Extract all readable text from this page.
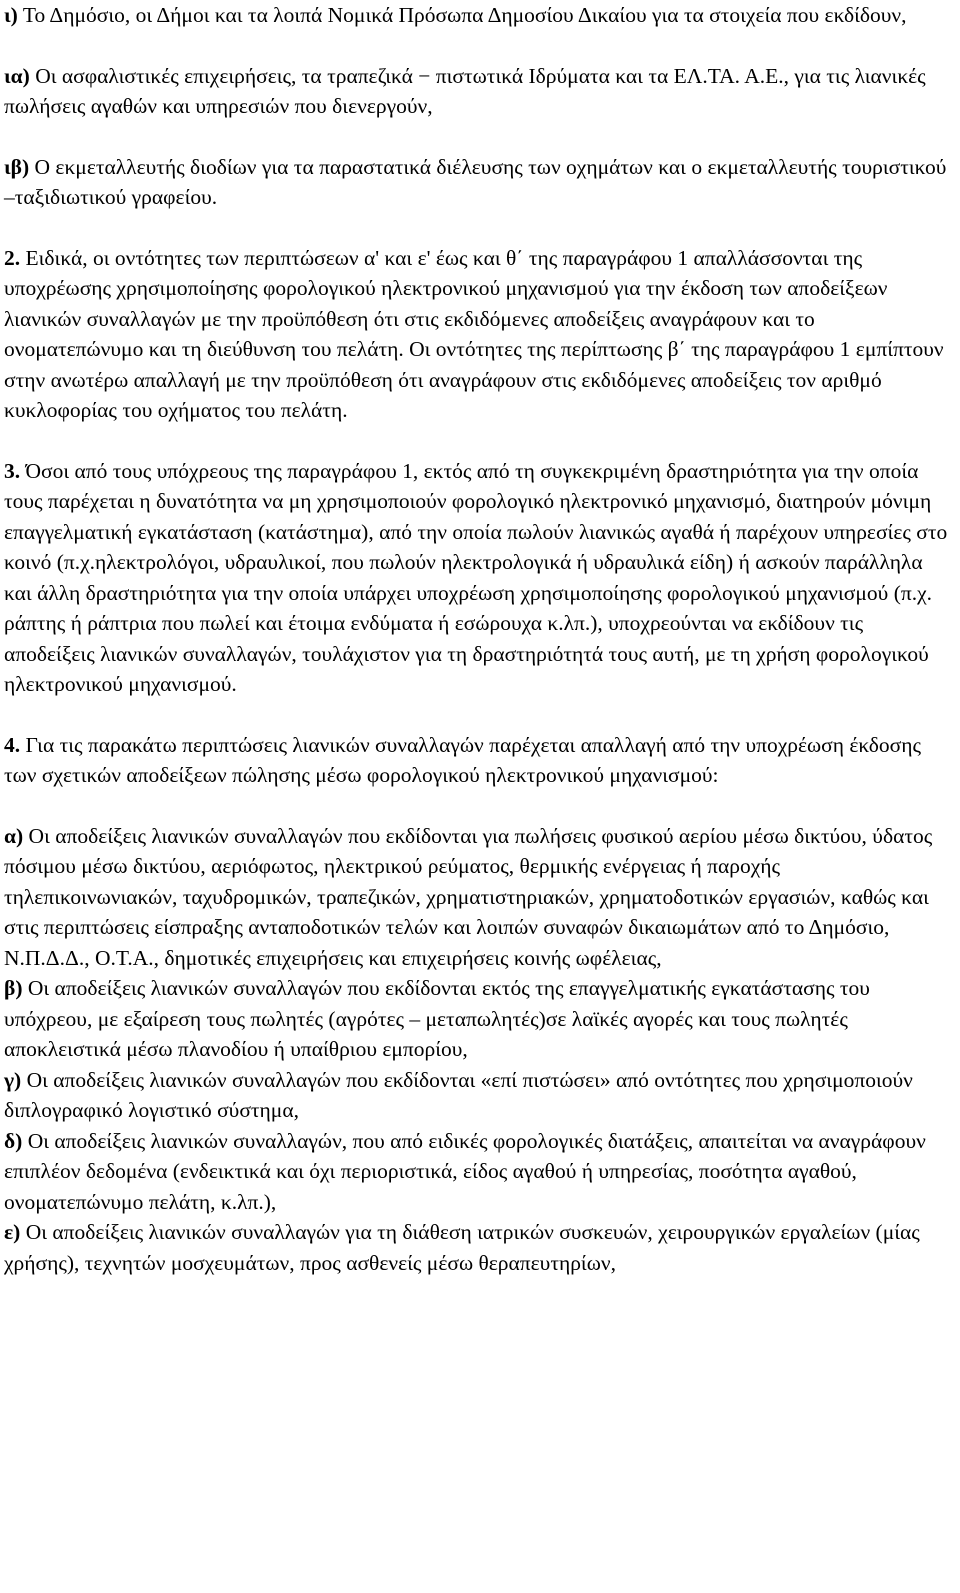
ι) Το Δημόσιο, οι Δήμοι και τα λοιπά Νομικά Πρόσωπα Δημοσίου Δικαίου για τα στοιχεία που εκδίδουν,

ια) Οι ασφαλιστικές επιχειρήσεις, τα τραπεζικά − πιστωτικά Ιδρύματα και τα ΕΛ.ΤΑ. Α.Ε., για τις λιανικές πωλήσεις αγαθών και υπηρεσιών που διενεργούν,

ιβ) Ο εκμεταλλευτής διοδίων για τα παραστατικά διέλευσης των οχημάτων και ο εκμεταλλευτής τουριστικού –ταξιδιωτικού γραφείου.

2. Ειδικά, οι οντότητες των περιπτώσεων α' και ε' έως και θ΄ της παραγράφου 1 απαλλάσσονται της υποχρέωσης χρησιμοποίησης φορολογικού ηλεκτρονικού μηχανισμού για την έκδοση των αποδείξεων λιανικών συναλλαγών με την προϋπόθεση ότι στις εκδιδόμενες αποδείξεις αναγράφουν και το ονοματεπώνυμο και τη διεύθυνση του πελάτη. Οι οντότητες της περίπτωσης β΄ της παραγράφου 1 εμπίπτουν στην ανωτέρω απαλλαγή με την προϋπόθεση ότι αναγράφουν στις εκδιδόμενες αποδείξεις τον αριθμό κυκλοφορίας του οχήματος του πελάτη.

3. Όσοι από τους υπόχρεους της παραγράφου 1, εκτός από τη συγκεκριμένη δραστηριότητα για την οποία τους παρέχεται η δυνατότητα να μη χρησιμοποιούν φορολογικό ηλεκτρονικό μηχανισμό, διατηρούν μόνιμη επαγγελματική εγκατάσταση (κατάστημα), από την οποία πωλούν λιανικώς αγαθά ή παρέχουν υπηρεσίες στο κοινό (π.χ.ηλεκτρολόγοι, υδραυλικοί, που πωλούν ηλεκτρολογικά ή υδραυλικά είδη) ή ασκούν παράλληλα και άλλη δραστηριότητα για την οποία υπάρχει υποχρέωση χρησιμοποίησης φορολογικού μηχανισμού (π.χ. ράπτης ή ράπτρια που πωλεί και έτοιμα ενδύματα ή εσώρουχα κ.λπ.), υποχρεούνται να εκδίδουν τις αποδείξεις λιανικών συναλλαγών, τουλάχιστον για τη δραστηριότητά τους αυτή, με τη χρήση φορολογικού ηλεκτρονικού μηχανισμού.

4. Για τις παρακάτω περιπτώσεις λιανικών συναλλαγών παρέχεται απαλλαγή από την υποχρέωση έκδοσης των σχετικών αποδείξεων πώλησης μέσω φορολογικού ηλεκτρονικού μηχανισμού:

α) Οι αποδείξεις λιανικών συναλλαγών που εκδίδονται για πωλήσεις φυσικού αερίου μέσω δικτύου, ύδατος πόσιμου μέσω δικτύου, αεριόφωτος, ηλεκτρικού ρεύματος, θερμικής ενέργειας ή παροχής τηλεπικοινωνιακών, ταχυδρομικών, τραπεζικών, χρηματιστηριακών, χρηματοδοτικών εργασιών, καθώς και στις περιπτώσεις είσπραξης ανταποδοτικών τελών και λοιπών συναφών δικαιωμάτων από το Δημόσιο, Ν.Π.Δ.Δ., Ο.Τ.Α., δημοτικές επιχειρήσεις και επιχειρήσεις κοινής ωφέλειας,

β) Οι αποδείξεις λιανικών συναλλαγών που εκδίδονται εκτός της επαγγελματικής εγκατάστασης του υπόχρεου, με εξαίρεση τους πωλητές (αγρότες – μεταπωλητές)σε λαϊκές αγορές και τους πωλητές αποκλειστικά μέσω πλανοδίου ή υπαίθριου εμπορίου,

γ) Οι αποδείξεις λιανικών συναλλαγών που εκδίδονται «επί πιστώσει» από οντότητες που χρησιμοποιούν διπλογραφικό λογιστικό σύστημα,

δ) Οι αποδείξεις λιανικών συναλλαγών, που από ειδικές φορολογικές διατάξεις, απαιτείται να αναγράφουν επιπλέον δεδομένα (ενδεικτικά και όχι περιοριστικά, είδος αγαθού ή υπηρεσίας, ποσότητα αγαθού, ονοματεπώνυμο πελάτη, κ.λπ.),

ε) Οι αποδείξεις λιανικών συναλλαγών για τη διάθεση ιατρικών συσκευών, χειρουργικών εργαλείων (μίας χρήσης), τεχνητών μοσχευμάτων, προς ασθενείς μέσω θεραπευτηρίων,
